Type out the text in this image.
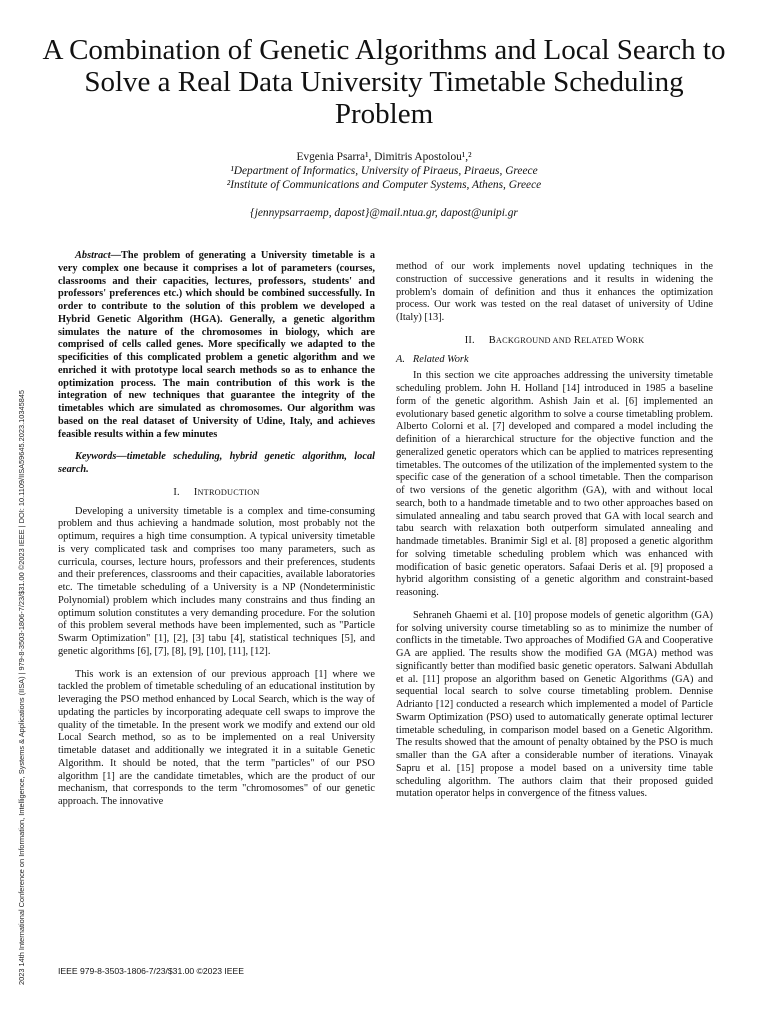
A Combination of Genetic Algorithms and Local Search to Solve a Real Data University Timetable Scheduling Problem
Evgenia Psarra¹, Dimitris Apostolou¹,²
¹Department of Informatics, University of Piraeus, Piraeus, Greece
²Institute of Communications and Computer Systems, Athens, Greece
{jennypsarraemp, dapost}@mail.ntua.gr, dapost@unipi.gr
2023 14th International Conference on Information, Intelligence, Systems & Applications (IISA) | 979-8-3503-1806-7/23/$31.00 ©2023 IEEE | DOI: 10.1109/IISA59645.2023.10345845

Abstract—The problem of generating a University timetable is a very complex one because it comprises a lot of parameters (courses, classrooms and their capacities, lectures, professors, students' and professors' preferences etc.) which should be combined successfully. In order to contribute to the solution of this problem we developed a Hybrid Genetic Algorithm (HGA). Generally, a genetic algorithm simulates the nature of the chromosomes in biology, which are comprised of cells called genes. More specifically we adapted to the specificities of this complicated problem a genetic algorithm and we enriched it with prototype local search methods so as to enhance the optimization process. The main contribution of this work is the integration of new techniques that guarantee the integrity of the timetables which are simulated as chromosomes. Our algorithm was based on the real dataset of University of Udine, Italy, and achieves feasible results within a few minutes

Keywords—timetable scheduling, hybrid genetic algorithm, local search.

I. INTRODUCTION

Developing a university timetable is a complex and time-consuming problem and thus achieving a handmade solution, most probably not the optimum, requires a high time consumption. A typical university timetable is very complicated task and comprises too many parameters, such as curricula, courses, lecture hours, professors and their preferences, students and their preferences, classrooms and their capacities, available laboratories etc. The timetable scheduling of a University is a NP (Nondeterministic Polynomial) problem which includes many constrains and thus finding an optimum solution constitutes a very demanding procedure. For the solution of this problem several methods have been implemented, such as "Particle Swarm Optimization" [1], [2], [3] tabu [4], statistical techniques [5], and genetic algorithms [6], [7], [8], [9], [10], [11], [12].

This work is an extension of our previous approach [1] where we tackled the problem of timetable scheduling of an educational institution by leveraging the PSO method enhanced by Local Search, which is the way of updating the particles by incorporating adequate cell swaps to improve the quality of the timetable. In the present work we modify and extend our old Local Search method, so as to be implemented on a real University timetable dataset and additionally we integrated it in a suitable Genetic Algorithm. It should be noted, that the term "particles" of our PSO algorithm [1] are the candidate timetables, which are the product of our mechanism, that corresponds to the term "chromosomes" of our genetic approach. The innovative

method of our work implements novel updating techniques in the construction of successive generations and it results in widening the problem's domain of definition and thus it enhances the optimization process. Our work was tested on the real dataset of university of Udine (Italy) [13].

II. BACKGROUND AND RELATED WORK
A. Related Work

In this section we cite approaches addressing the university timetable scheduling problem. John H. Holland [14] introduced in 1985 a baseline form of the genetic algorithm. Ashish Jain et al. [6] implemented an evolutionary based genetic algorithm to solve a course timetabling problem. Alberto Colorni et al. [7] developed and compared a model including the definition of a hierarchical structure for the objective function and the generalized genetic operators which can be applied to matrices representing timetables. The outcomes of the utilization of the implemented system to the specific case of the generation of a school timetable. Then the comparison of two versions of the genetic algorithm (GA), with and without local search, both to a handmade timetable and to two other approaches based on simulated annealing and tabu search proved that GA with local search and tabu search with relaxation both outperform simulated annealing and handmade timetables. Branimir Sigl et al. [8] proposed a genetic algorithm for solving timetable scheduling problem which was enhanced with modification of basic genetic operators. Safaai Deris et al. [9] proposed a hybrid algorithm consisting of a genetic algorithm and constraint-based reasoning.

Sehraneh Ghaemi et al. [10] propose models of genetic algorithm (GA) for solving university course timetabling so as to minimize the number of conflicts in the timetable. Two approaches of Modified GA and Cooperative GA are applied. The results show the modified GA (MGA) method was significantly better than modified basic genetic operators. Salwani Abdullah et al. [11] propose an algorithm based on Genetic Algorithms (GA) and sequential local search to solve course timetabling problem. Dennise Adrianto [12] conducted a research which implemented a model of Particle Swarm Optimization (PSO) used to automatically generate optimal lecturer timetable scheduling, in comparison model based on a Genetic Algorithm. The results showed that the amount of penalty obtained by the PSO is much smaller than the GA after a considerable number of iterations. Vinayak Sapru et al. [15] propose a model based on a university time table scheduling algorithm. The authors claim that their proposed guided mutation operator helps in convergence of the fitness values.

IEEE 979-8-3503-1806-7/23/$31.00 ©2023 IEEE
